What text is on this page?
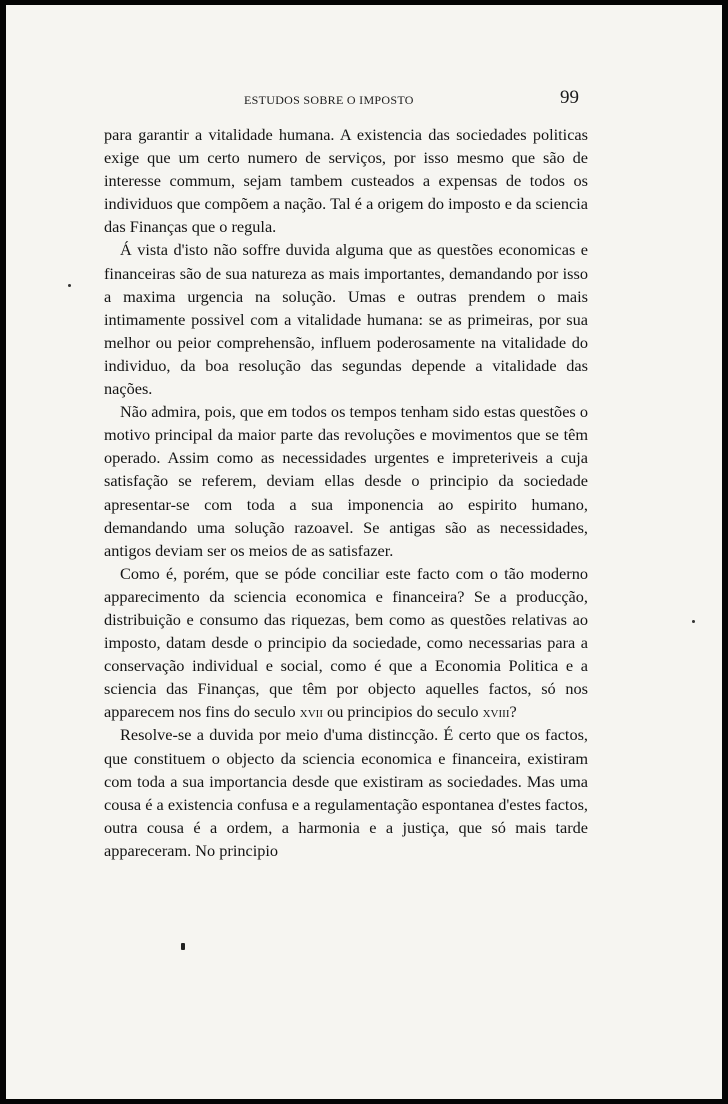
ESTUDOS SOBRE O IMPOSTO	99

para garantir a vitalidade humana. A existencia das sociedades politicas exige que um certo numero de serviços, por isso mesmo que são de interesse commum, sejam tambem custeados a expensas de todos os individuos que compõem a nação. Tal é a origem do imposto e da sciencia das Finanças que o regula.

Á vista d'isto não soffre duvida alguma que as questões economicas e financeiras são de sua natureza as mais importantes, demandando por isso a maxima urgencia na solução. Umas e outras prendem o mais intimamente possivel com a vitalidade humana: se as primeiras, por sua melhor ou peior comprehensão, influem poderosamente na vitalidade do individuo, da boa resolução das segundas depende a vitalidade das nações.

Não admira, pois, que em todos os tempos tenham sido estas questões o motivo principal da maior parte das revoluções e movimentos que se têm operado. Assim como as necessidades urgentes e impreteriveis a cuja satisfação se referem, deviam ellas desde o principio da sociedade apresentar-se com toda a sua imponencia ao espirito humano, demandando uma solução razoavel. Se antigas são as necessidades, antigos deviam ser os meios de as satisfazer.

Como é, porém, que se póde conciliar este facto com o tão moderno apparecimento da sciencia economica e financeira? Se a producção, distribuição e consumo das riquezas, bem como as questões relativas ao imposto, datam desde o principio da sociedade, como necessarias para a conservação individual e social, como é que a Economia Politica e a sciencia das Finanças, que têm por objecto aquelles factos, só nos apparecem nos fins do seculo xvii ou principios do seculo xviii?

Resolve-se a duvida por meio d'uma distincção. É certo que os factos, que constituem o objecto da sciencia economica e financeira, existiram com toda a sua importancia desde que existiram as sociedades. Mas uma cousa é a existencia confusa e a regulamentação espontanea d'estes factos, outra cousa é a ordem, a harmonia e a justiça, que só mais tarde appareceram. No principio
